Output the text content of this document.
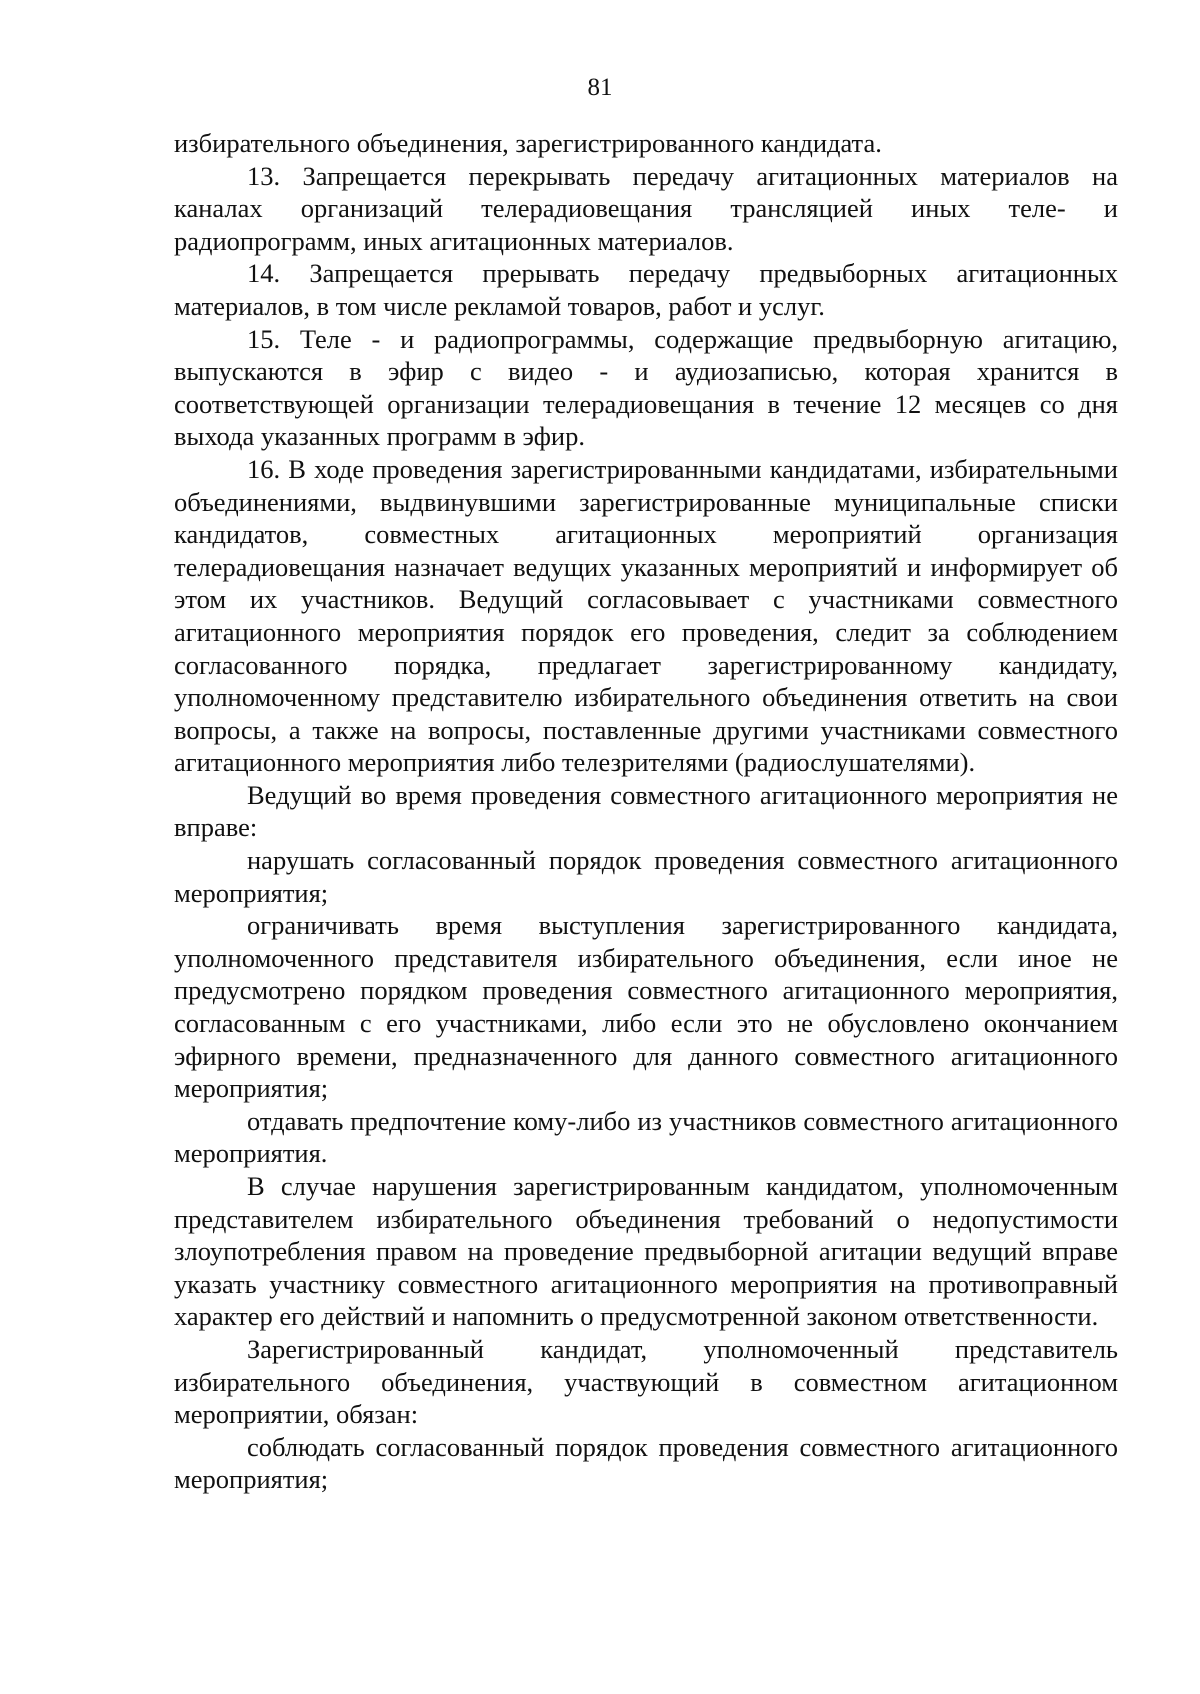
81

избирательного объединения, зарегистрированного кандидата.

13. Запрещается перекрывать передачу агитационных материалов на каналах организаций телерадиовещания трансляцией иных теле- и радиопрограмм, иных агитационных материалов.

14. Запрещается прерывать передачу предвыборных агитационных материалов, в том числе рекламой товаров, работ и услуг.

15. Теле - и радиопрограммы, содержащие предвыборную агитацию, выпускаются в эфир с видео - и аудиозаписью, которая хранится в соответствующей организации телерадиовещания в течение 12 месяцев со дня выхода указанных программ в эфир.

16. В ходе проведения зарегистрированными кандидатами, избирательными объединениями, выдвинувшими зарегистрированные муниципальные списки кандидатов, совместных агитационных мероприятий организация телерадиовещания назначает ведущих указанных мероприятий и информирует об этом их участников. Ведущий согласовывает с участниками совместного агитационного мероприятия порядок его проведения, следит за соблюдением согласованного порядка, предлагает зарегистрированному кандидату, уполномоченному представителю избирательного объединения ответить на свои вопросы, а также на вопросы, поставленные другими участниками совместного агитационного мероприятия либо телезрителями (радиослушателями).

Ведущий во время проведения совместного агитационного мероприятия не вправе:

нарушать согласованный порядок проведения совместного агитационного мероприятия;

ограничивать время выступления зарегистрированного кандидата, уполномоченного представителя избирательного объединения, если иное не предусмотрено порядком проведения совместного агитационного мероприятия, согласованным с его участниками, либо если это не обусловлено окончанием эфирного времени, предназначенного для данного совместного агитационного мероприятия;

отдавать предпочтение кому-либо из участников совместного агитационного мероприятия.

В случае нарушения зарегистрированным кандидатом, уполномоченным представителем избирательного объединения требований о недопустимости злоупотребления правом на проведение предвыборной агитации ведущий вправе указать участнику совместного агитационного мероприятия на противоправный характер его действий и напомнить о предусмотренной законом ответственности.

Зарегистрированный кандидат, уполномоченный представитель избирательного объединения, участвующий в совместном агитационном мероприятии, обязан:

соблюдать согласованный порядок проведения совместного агитационного мероприятия;
